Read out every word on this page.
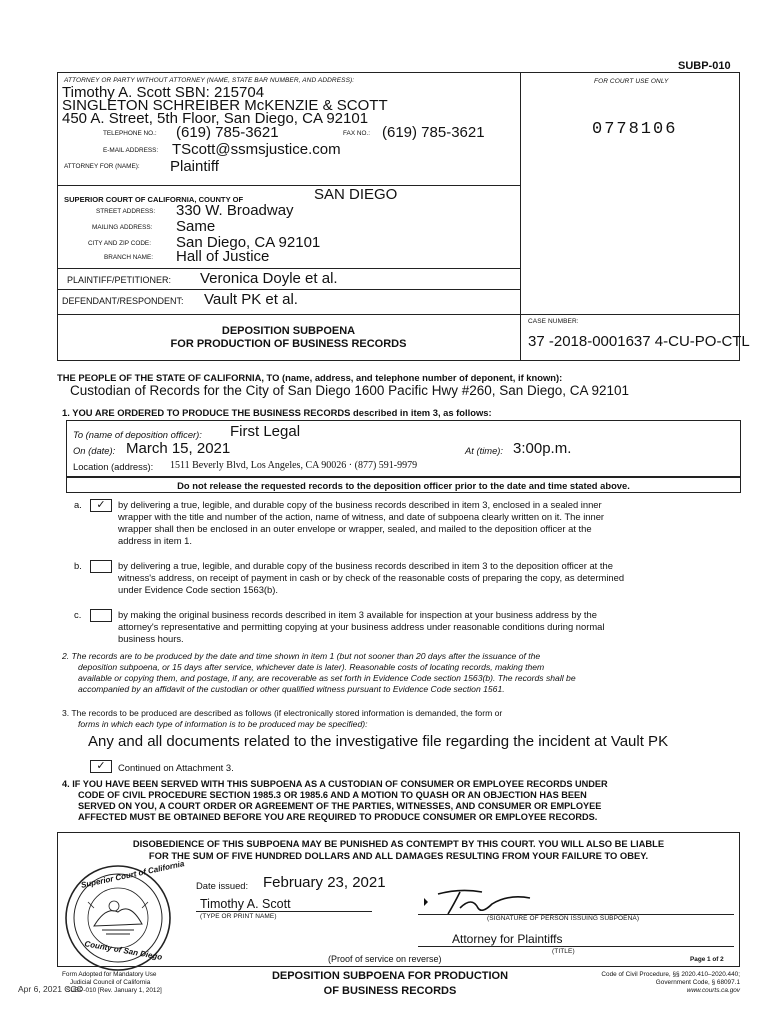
SUBP-010
ATTORNEY OR PARTY WITHOUT ATTORNEY (NAME, STATE BAR NUMBER, AND ADDRESS):
Timothy A. Scott SBN: 215704
SINGLETON SCHREIBER McKENZIE & SCOTT
450 A. Street, 5th Floor, San Diego, CA 92101
TELEPHONE NO.: (619) 785-3621	FAX NO.: (619) 785-3621
E-MAIL ADDRESS: TScott@ssmsjustice.com
ATTORNEY FOR (NAME): Plaintiff
FOR COURT USE ONLY
0778106
SUPERIOR COURT OF CALIFORNIA, COUNTY OF	SAN DIEGO
STREET ADDRESS: 330 W. Broadway
MAILING ADDRESS: Same
CITY AND ZIP CODE: San Diego, CA 92101
BRANCH NAME: Hall of Justice
PLAINTIFF/PETITIONER: Veronica Doyle et al.
DEFENDANT/RESPONDENT: Vault PK et al.
DEPOSITION SUBPOENA
FOR PRODUCTION OF BUSINESS RECORDS
CASE NUMBER:
37 -2018-0001637 4-CU-PO-CTL
THE PEOPLE OF THE STATE OF CALIFORNIA, TO (name, address, and telephone number of deponent, if known):
Custodian of Records for the City of San Diego 1600 Pacific Hwy #260, San Diego, CA 92101
1. YOU ARE ORDERED TO PRODUCE THE BUSINESS RECORDS described in item 3, as follows:
To (name of deposition officer): First Legal
On (date): March 15, 2021	At (time): 3:00p.m.
Location (address): 1511 Beverly Blvd, Los Angeles, CA 90026 · (877) 591-9979
Do not release the requested records to the deposition officer prior to the date and time stated above.
a.	✓	by delivering a true, legible, and durable copy of the business records described in item 3, enclosed in a sealed inner
wrapper with the title and number of the action, name of witness, and date of subpoena clearly written on it. The inner
wrapper shall then be enclosed in an outer envelope or wrapper, sealed, and mailed to the deposition officer at the
address in item 1.
b.	by delivering a true, legible, and durable copy of the business records described in item 3 to the deposition officer at the
witness's address, on receipt of payment in cash or by check of the reasonable costs of preparing the copy, as determined
under Evidence Code section 1563(b).
c.	by making the original business records described in item 3 available for inspection at your business address by the
attorney's representative and permitting copying at your business address under reasonable conditions during normal
business hours.
2. The records are to be produced by the date and time shown in item 1 (but not sooner than 20 days after the issuance of the
deposition subpoena, or 15 days after service, whichever date is later). Reasonable costs of locating records, making them
available or copying them, and postage, if any, are recoverable as set forth in Evidence Code section 1563(b). The records shall be
accompanied by an affidavit of the custodian or other qualified witness pursuant to Evidence Code section 1561.
3. The records to be produced are described as follows (if electronically stored information is demanded, the form or
forms in which each type of information is to be produced may be specified):
Any and all documents related to the investigative file regarding the incident at Vault PK
✓	Continued on Attachment 3.
4. IF YOU HAVE BEEN SERVED WITH THIS SUBPOENA AS A CUSTODIAN OF CONSUMER OR EMPLOYEE RECORDS UNDER
CODE OF CIVIL PROCEDURE SECTION 1985.3 OR 1985.6 AND A MOTION TO QUASH OR AN OBJECTION HAS BEEN
SERVED ON YOU, A COURT ORDER OR AGREEMENT OF THE PARTIES, WITNESSES, AND CONSUMER OR EMPLOYEE
AFFECTED MUST BE OBTAINED BEFORE YOU ARE REQUIRED TO PRODUCE CONSUMER OR EMPLOYEE RECORDS.
DISOBEDIENCE OF THIS SUBPOENA MAY BE PUNISHED AS CONTEMPT BY THIS COURT. YOU WILL ALSO BE LIABLE
FOR THE SUM OF FIVE HUNDRED DOLLARS AND ALL DAMAGES RESULTING FROM YOUR FAILURE TO OBEY.
Superior Court of California
County of San Diego
Date issued: February 23, 2021
Timothy A. Scott
(TYPE OR PRINT NAME)	(SIGNATURE OF PERSON ISSUING SUBPOENA)
Attorney for Plaintiffs
(TITLE)
(Proof of service on reverse)	Page 1 of 2
Form Adopted for Mandatory Use
Judicial Council of California
SUBP-010 [Rev. January 1, 2012]
Apr 6, 2021 CCC
DEPOSITION SUBPOENA FOR PRODUCTION
OF BUSINESS RECORDS
Code of Civil Procedure, §§ 2020.410–2020.440;
Government Code, § 68097.1
www.courts.ca.gov
